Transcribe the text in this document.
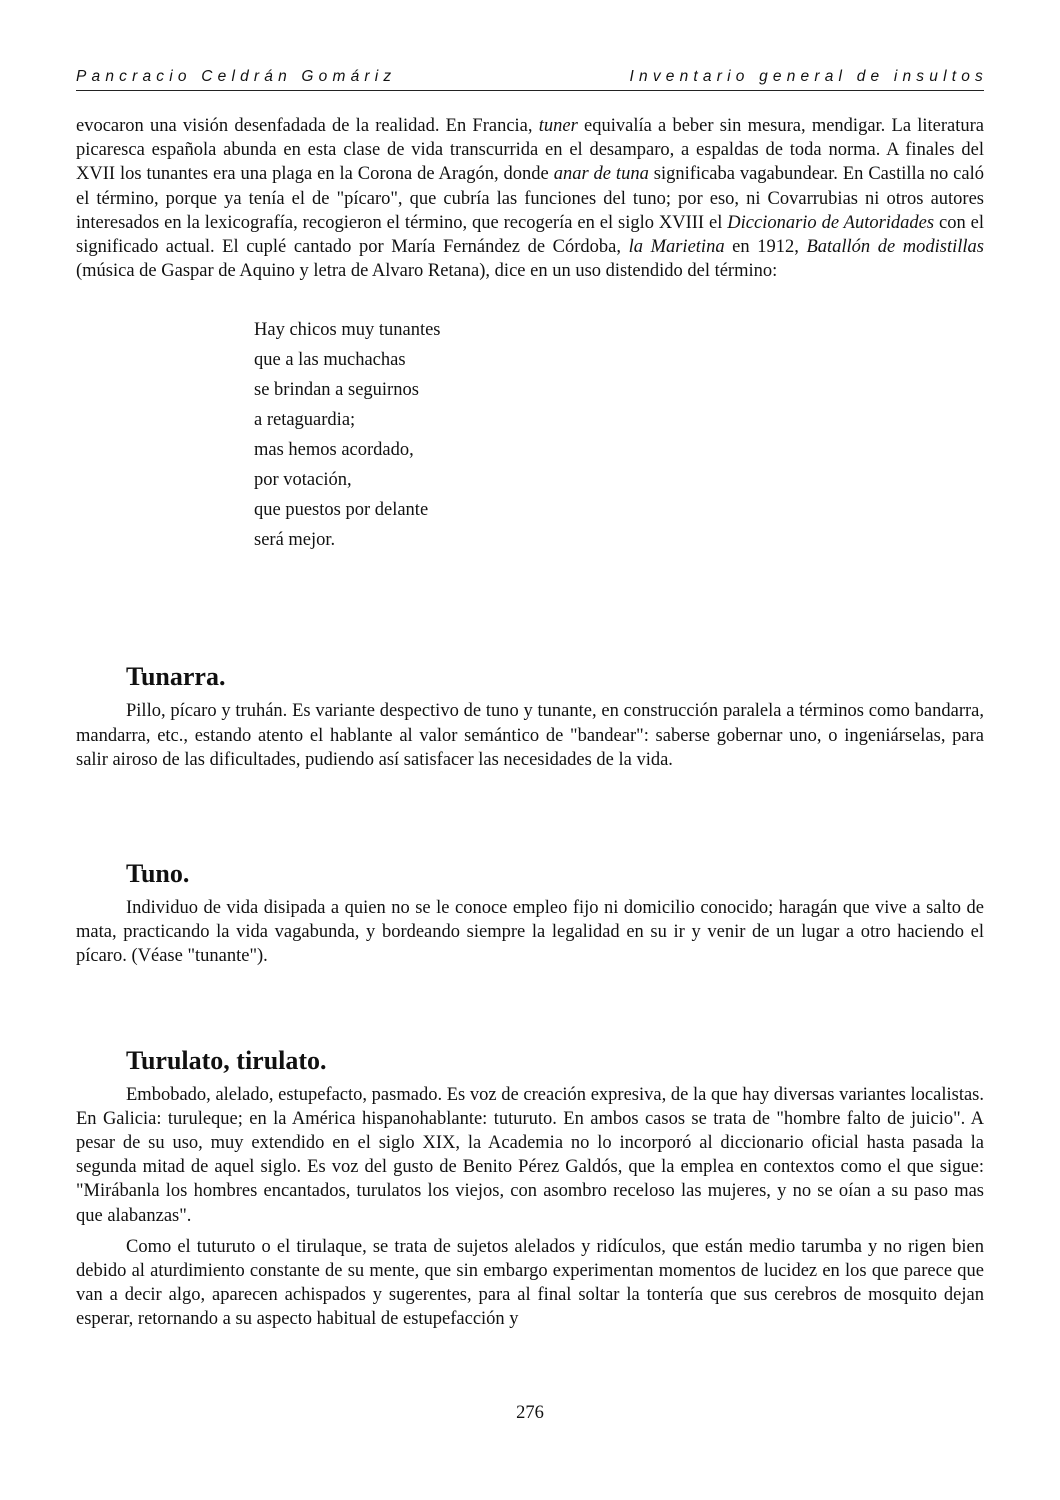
Pancracio Celdrán Gomáriz	Inventario general de insultos

evocaron una visión desenfadada de la realidad. En Francia, tuner equivalía a beber sin mesura, mendigar. La literatura picaresca española abunda en esta clase de vida transcurrida en el desamparo, a espaldas de toda norma. A finales del XVII los tunantes era una plaga en la Corona de Aragón, donde anar de tuna significaba vagabundear. En Castilla no caló el término, porque ya tenía el de "pícaro", que cubría las funciones del tuno; por eso, ni Covarrubias ni otros autores interesados en la lexicografía, recogieron el término, que recogería en el siglo XVIII el Diccionario de Autoridades con el significado actual. El cuplé cantado por María Fernández de Córdoba, la Marietina en 1912, Batallón de modistillas (música de Gaspar de Aquino y letra de Alvaro Retana), dice en un uso distendido del término:

Hay chicos muy tunantes
que a las muchachas
se brindan a seguirnos
a retaguardia;
mas hemos acordado,
por votación,
que puestos por delante
será mejor.
Tunarra.

Pillo, pícaro y truhán. Es variante despectivo de tuno y tunante, en construcción paralela a términos como bandarra, mandarra, etc., estando atento el hablante al valor semántico de "bandear": saberse gobernar uno, o ingeniárselas, para salir airoso de las dificultades, pudiendo así satisfacer las necesidades de la vida.

Tuno.

Individuo de vida disipada a quien no se le conoce empleo fijo ni domicilio conocido; haragán que vive a salto de mata, practicando la vida vagabunda, y bordeando siempre la legalidad en su ir y venir de un lugar a otro haciendo el pícaro. (Véase "tunante").

Turulato, tirulato.

Embobado, alelado, estupefacto, pasmado. Es voz de creación expresiva, de la que hay diversas variantes localistas. En Galicia: turuleque; en la América hispanohablante: tuturuto. En ambos casos se trata de "hombre falto de juicio". A pesar de su uso, muy extendido en el siglo XIX, la Academia no lo incorporó al diccionario oficial hasta pasada la segunda mitad de aquel siglo. Es voz del gusto de Benito Pérez Galdós, que la emplea en contextos como el que sigue: "Mirábanla los hombres encantados, turulatos los viejos, con asombro receloso las mujeres, y no se oían a su paso mas que alabanzas".

Como el tuturuto o el tirulaque, se trata de sujetos alelados y ridículos, que están medio tarumba y no rigen bien debido al aturdimiento constante de su mente, que sin embargo experimentan momentos de lucidez en los que parece que van a decir algo, aparecen achispados y sugerentes, para al final soltar la tontería que sus cerebros de mosquito dejan esperar, retornando a su aspecto habitual de estupefacción y

276
